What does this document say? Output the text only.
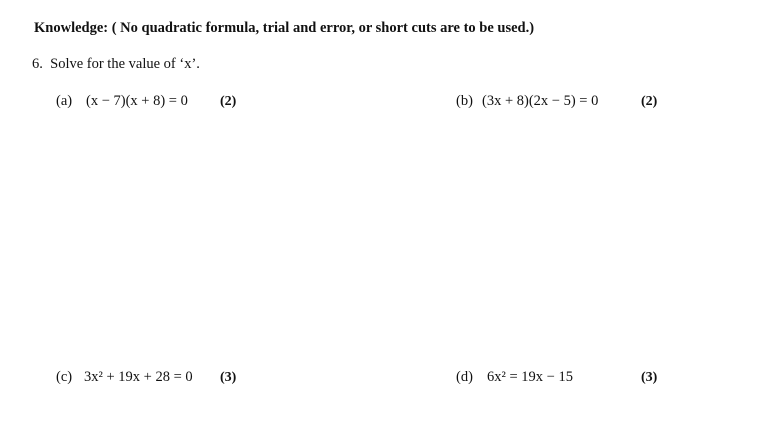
Knowledge: ( No quadratic formula, trial and error, or short cuts are to be used.)
6. Solve for the value of ‘x’.
(a) (x − 7)(x + 8) = 0 (2)	(b) (3x + 8)(2x − 5) = 0	(2)
(c) 3x² + 19x + 28 = 0 (3)	(d) 6x² = 19x − 15	(3)
